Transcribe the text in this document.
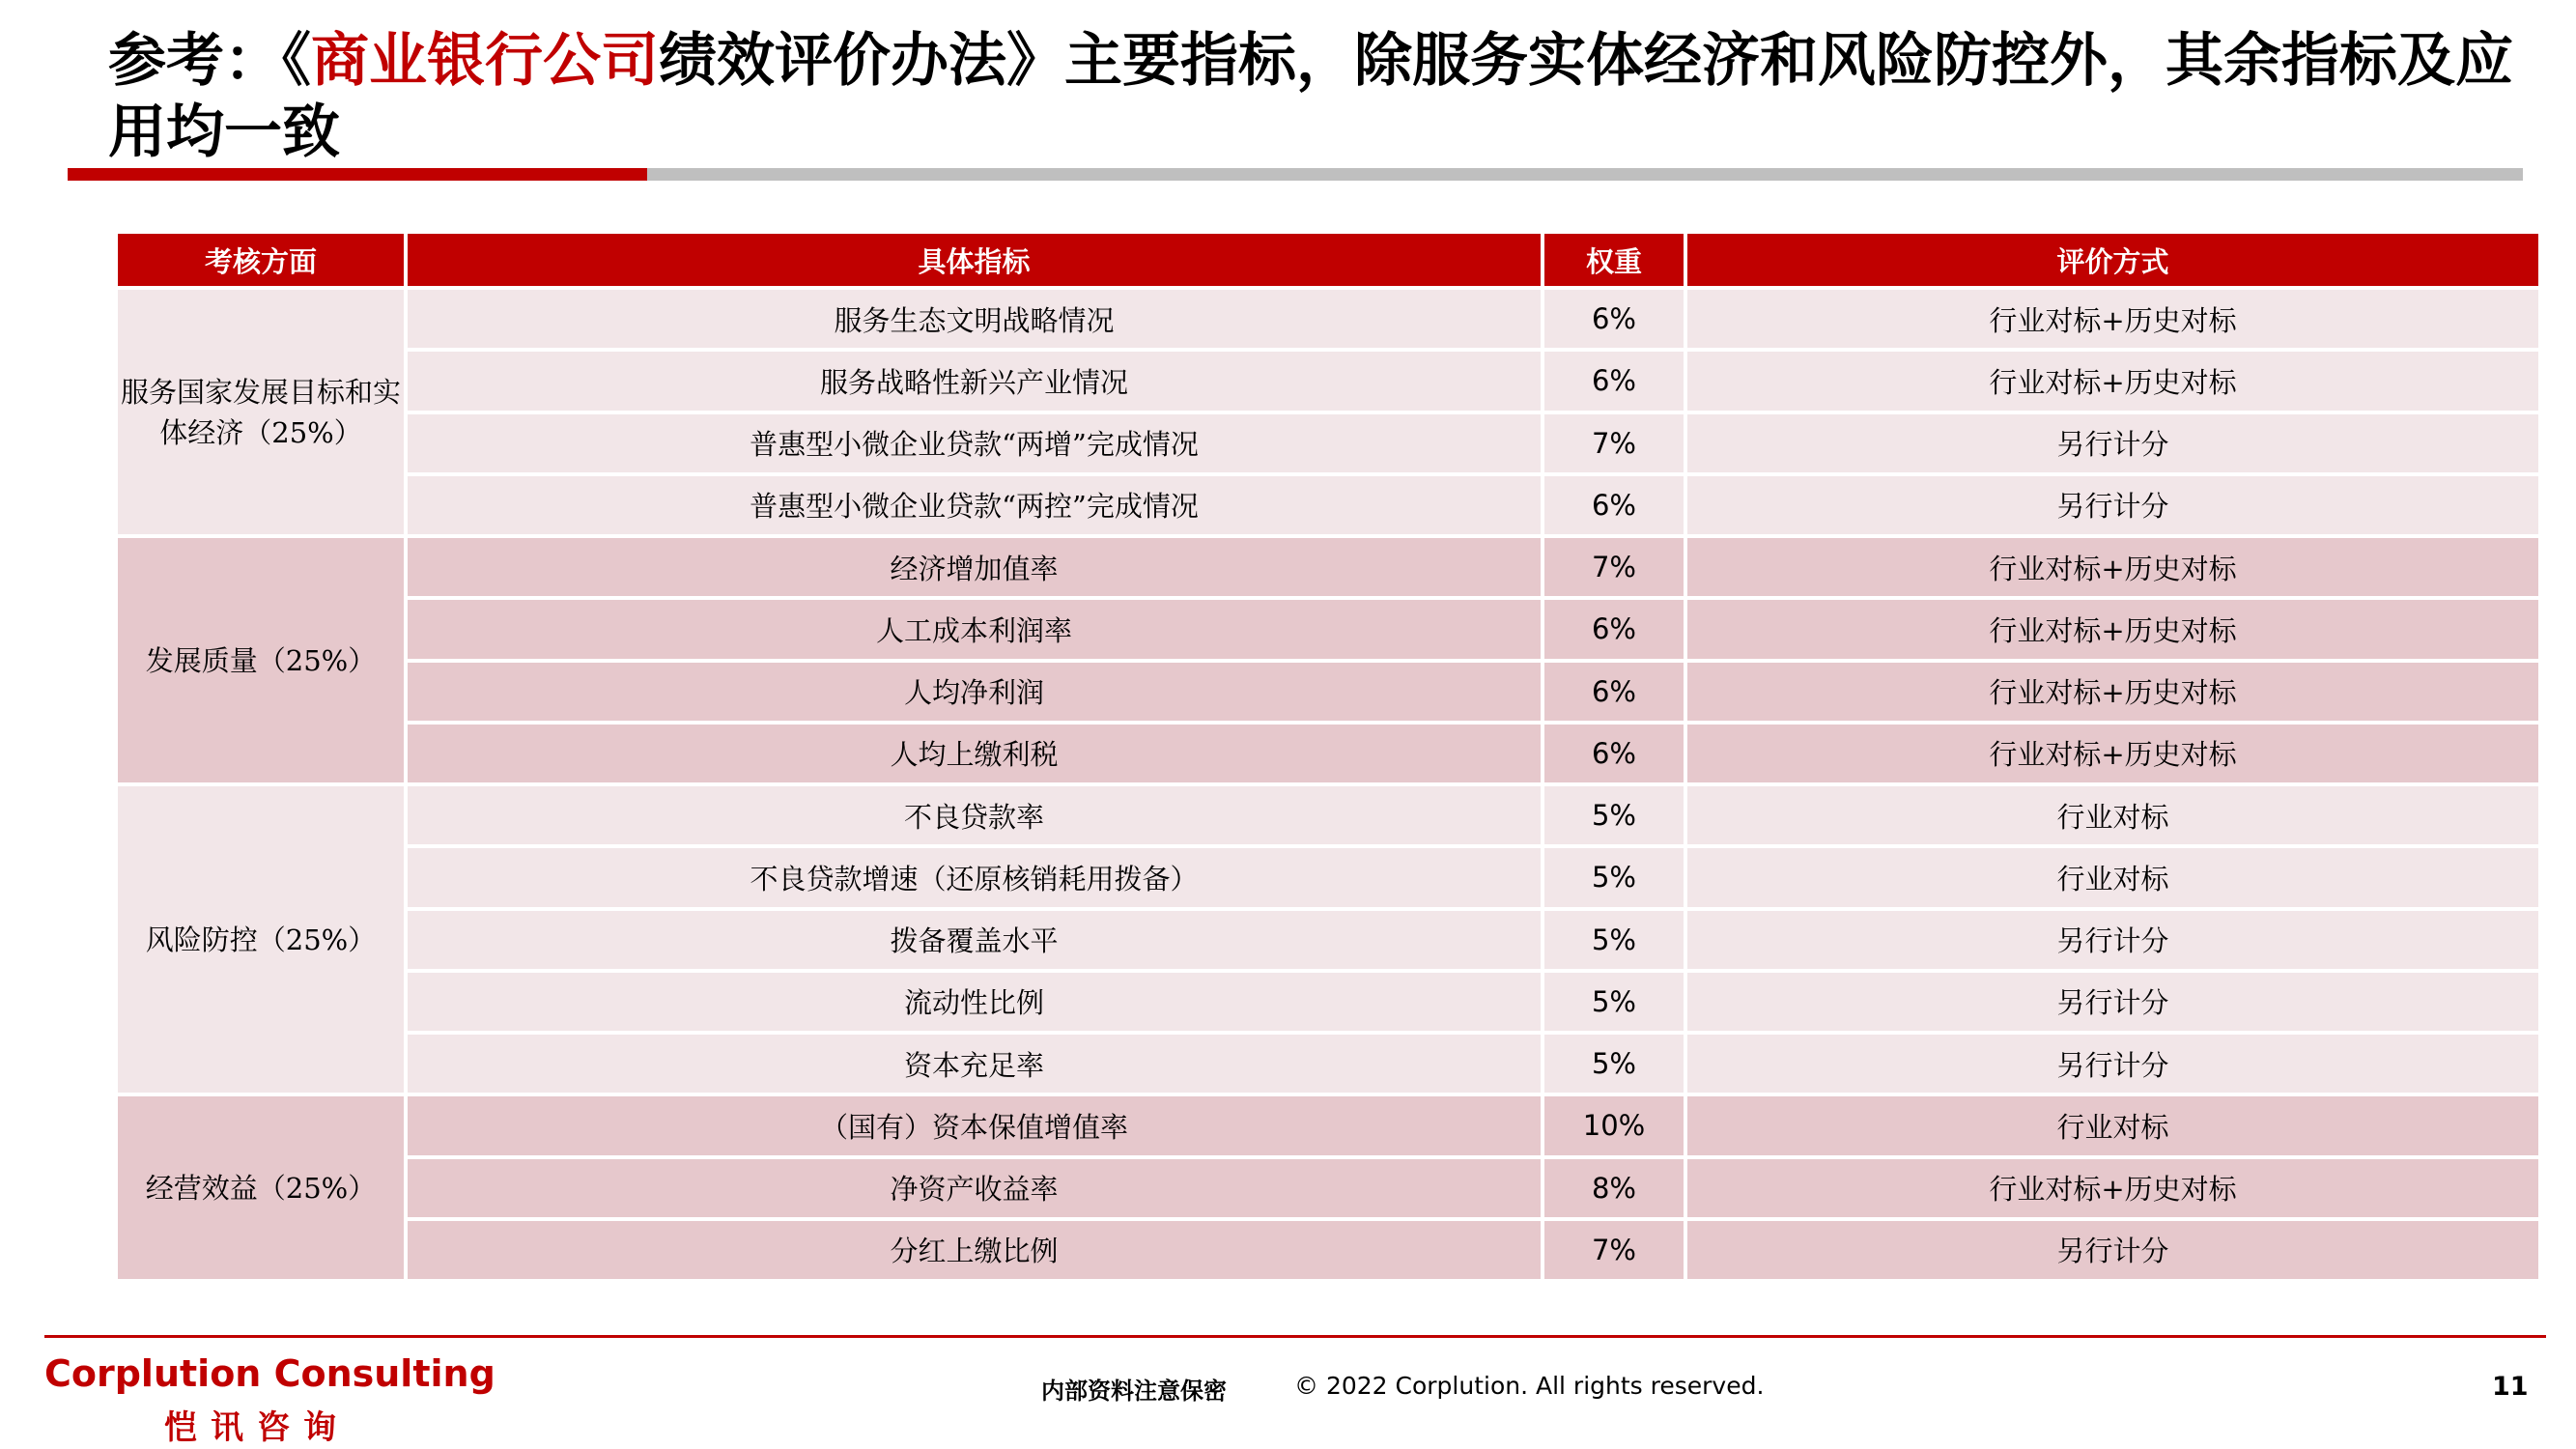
参考：《商业银行公司绩效评价办法》主要指标，除服务实体经济和风险防控外，其余指标及应用均一致
考核方面	具体指标	权重	评价方式
服务国家发展目标和实体经济（25%）	服务生态文明战略情况	6%	行业对标+历史对标
	服务战略性新兴产业情况	6%	行业对标+历史对标
	普惠型小微企业贷款“两增”完成情况	7%	另行计分
	普惠型小微企业贷款“两控”完成情况	6%	另行计分
发展质量（25%）	经济增加值率	7%	行业对标+历史对标
	人工成本利润率	6%	行业对标+历史对标
	人均净利润	6%	行业对标+历史对标
	人均上缴利税	6%	行业对标+历史对标
风险防控（25%）	不良贷款率	5%	行业对标
	不良贷款增速（还原核销耗用拨备）	5%	行业对标
	拨备覆盖水平	5%	另行计分
	流动性比例	5%	另行计分
	资本充足率	5%	另行计分
经营效益（25%）	（国有）资本保值增值率	10%	行业对标
	净资产收益率	8%	行业对标+历史对标
	分红上缴比例	7%	另行计分
Corplution Consulting
恺讯咨询
内部资料注意保密	© 2022 Corplution. All rights reserved.	11
